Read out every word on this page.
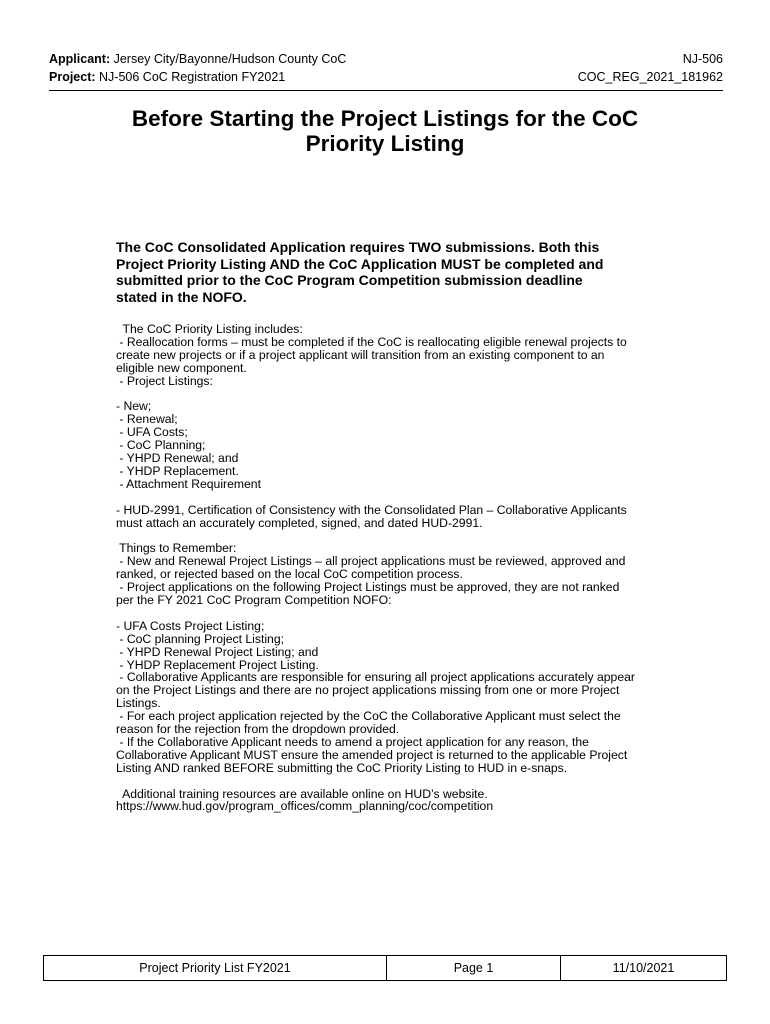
Applicant: Jersey City/Bayonne/Hudson County CoC	NJ-506
Project: NJ-506 CoC Registration FY2021	COC_REG_2021_181962
Before Starting the Project Listings for the CoC
Priority Listing
The CoC Consolidated Application requires TWO submissions. Both this
Project Priority Listing AND the CoC Application MUST be completed and
submitted prior to the CoC Program Competition submission deadline
stated in the NOFO.
The CoC Priority Listing includes:
- Reallocation forms – must be completed if the CoC is reallocating eligible renewal projects to
create new projects or if a project applicant will transition from an existing component to an
eligible new component.
- Project Listings:
- New;
- Renewal;
- UFA Costs;
- CoC Planning;
- YHPD Renewal; and
- YHDP Replacement.
- Attachment Requirement
- HUD-2991, Certification of Consistency with the Consolidated Plan – Collaborative Applicants
must attach an accurately completed, signed, and dated HUD-2991.
Things to Remember:
- New and Renewal Project Listings – all project applications must be reviewed, approved and
ranked, or rejected based on the local CoC competition process.
- Project applications on the following Project Listings must be approved, they are not ranked
per the FY 2021 CoC Program Competition NOFO:
- UFA Costs Project Listing;
- CoC planning Project Listing;
- YHPD Renewal Project Listing; and
- YHDP Replacement Project Listing.
- Collaborative Applicants are responsible for ensuring all project applications accurately appear
on the Project Listings and there are no project applications missing from one or more Project
Listings.
- For each project application rejected by the CoC the Collaborative Applicant must select the
reason for the rejection from the dropdown provided.
- If the Collaborative Applicant needs to amend a project application for any reason, the
Collaborative Applicant MUST ensure the amended project is returned to the applicable Project
Listing AND ranked BEFORE submitting the CoC Priority Listing to HUD in e-snaps.
Additional training resources are available online on HUD’s website.
https://www.hud.gov/program_offices/comm_planning/coc/competition
Project Priority List FY2021	Page 1	11/10/2021
